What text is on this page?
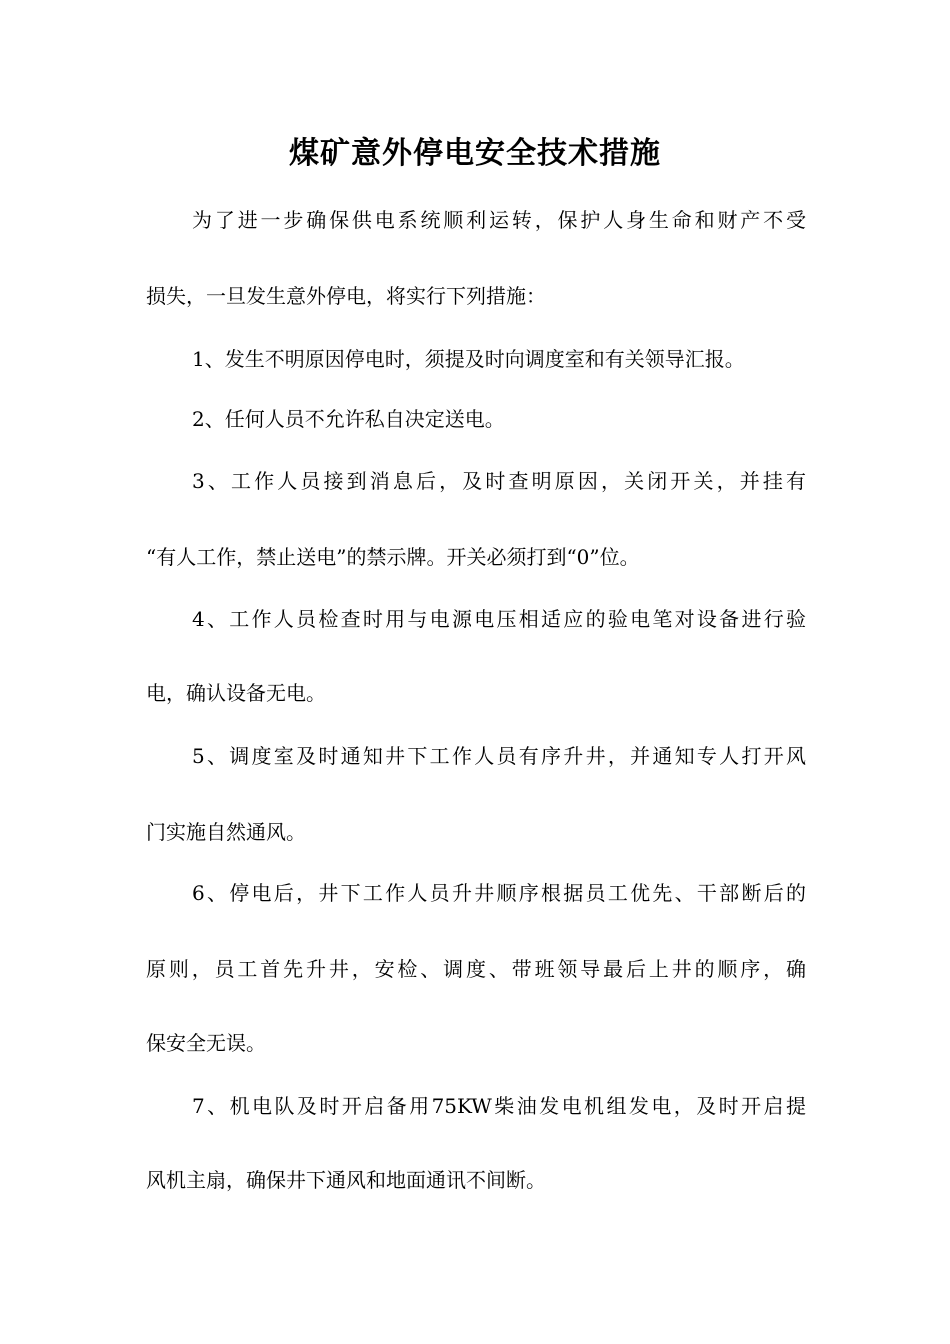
煤矿意外停电安全技术措施
为了进一步确保供电系统顺利运转，保护人身生命和财产不受
损失，一旦发生意外停电，将实行下列措施：
1、发生不明原因停电时，须提及时向调度室和有关领导汇报。
2、任何人员不允许私自决定送电。
3、工作人员接到消息后，及时查明原因，关闭开关，并挂有
“有人工作，禁止送电”的禁示牌。开关必须打到“0”位。
4、工作人员检查时用与电源电压相适应的验电笔对设备进行验
电，确认设备无电。
5、调度室及时通知井下工作人员有序升井，并通知专人打开风
门实施自然通风。
6、停电后，井下工作人员升井顺序根据员工优先、干部断后的
原则，员工首先升井，安检、调度、带班领导最后上井的顺序，确
保安全无误。
7、机电队及时开启备用75KW柴油发电机组发电，及时开启提
风机主扇，确保井下通风和地面通讯不间断。
